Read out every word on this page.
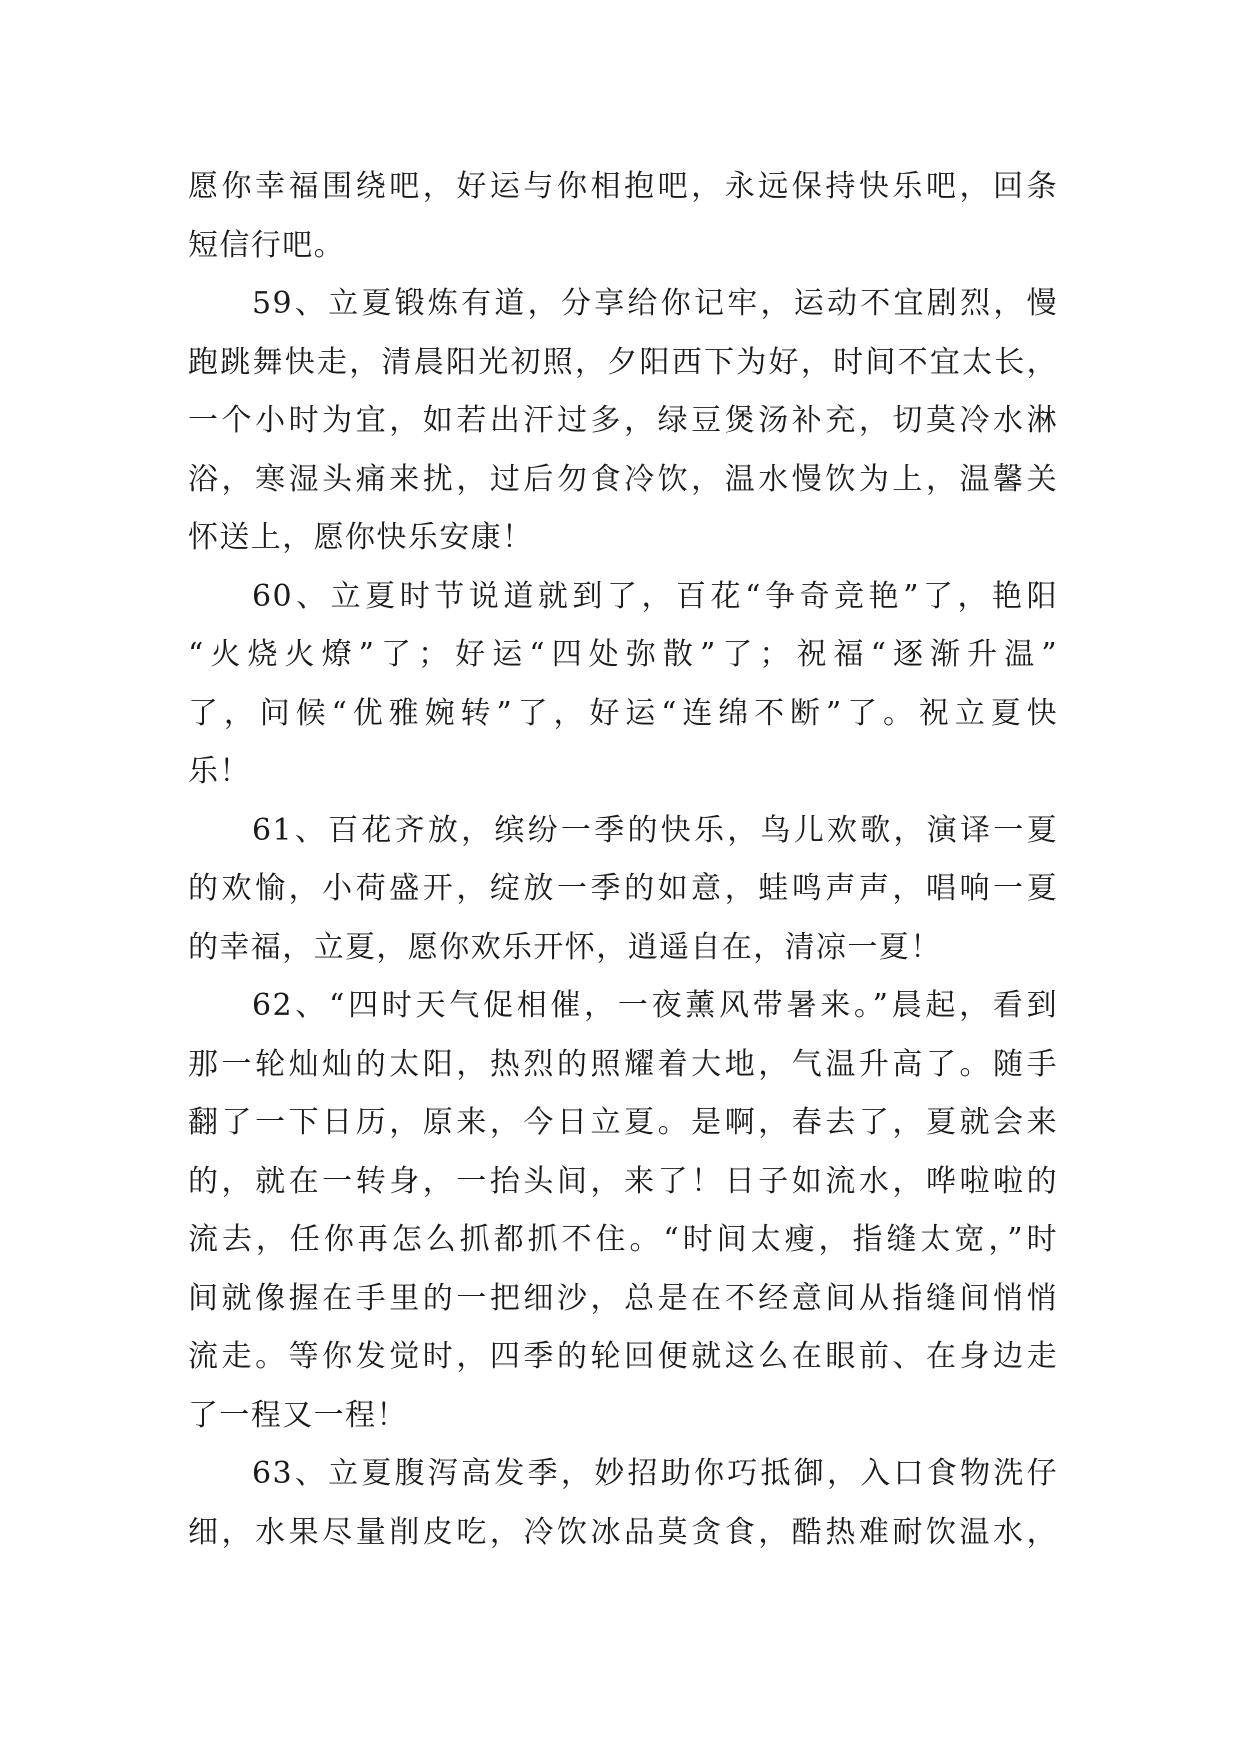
愿你幸福围绕吧，好运与你相抱吧，永远保持快乐吧，回条
短信行吧。
59、立夏锻炼有道，分享给你记牢，运动不宜剧烈，慢
跑跳舞快走，清晨阳光初照，夕阳西下为好，时间不宜太长，
一个小时为宜，如若出汗过多，绿豆煲汤补充，切莫冷水淋
浴，寒湿头痛来扰，过后勿食冷饮，温水慢饮为上，温馨关
怀送上，愿你快乐安康！
60、立夏时节说道就到了，百花“争奇竞艳”了，艳阳
“火烧火燎”了；好运“四处弥散”了；祝福“逐渐升温”
了，问候“优雅婉转”了，好运“连绵不断”了。祝立夏快
乐！
61、百花齐放，缤纷一季的快乐，鸟儿欢歌，演译一夏
的欢愉，小荷盛开，绽放一季的如意，蛙鸣声声，唱响一夏
的幸福，立夏，愿你欢乐开怀，逍遥自在，清凉一夏！
62、“四时天气促相催，一夜薰风带暑来。”晨起，看到
那一轮灿灿的太阳，热烈的照耀着大地，气温升高了。随手
翻了一下日历，原来，今日立夏。是啊，春去了，夏就会来
的，就在一转身，一抬头间，来了！日子如流水，哗啦啦的
流去，任你再怎么抓都抓不住。“时间太瘦，指缝太宽，”时
间就像握在手里的一把细沙，总是在不经意间从指缝间悄悄
流走。等你发觉时，四季的轮回便就这么在眼前、在身边走
了一程又一程！
63、立夏腹泻高发季，妙招助你巧抵御，入口食物洗仔
细，水果尽量削皮吃，冷饮冰品莫贪食，酷热难耐饮温水，
